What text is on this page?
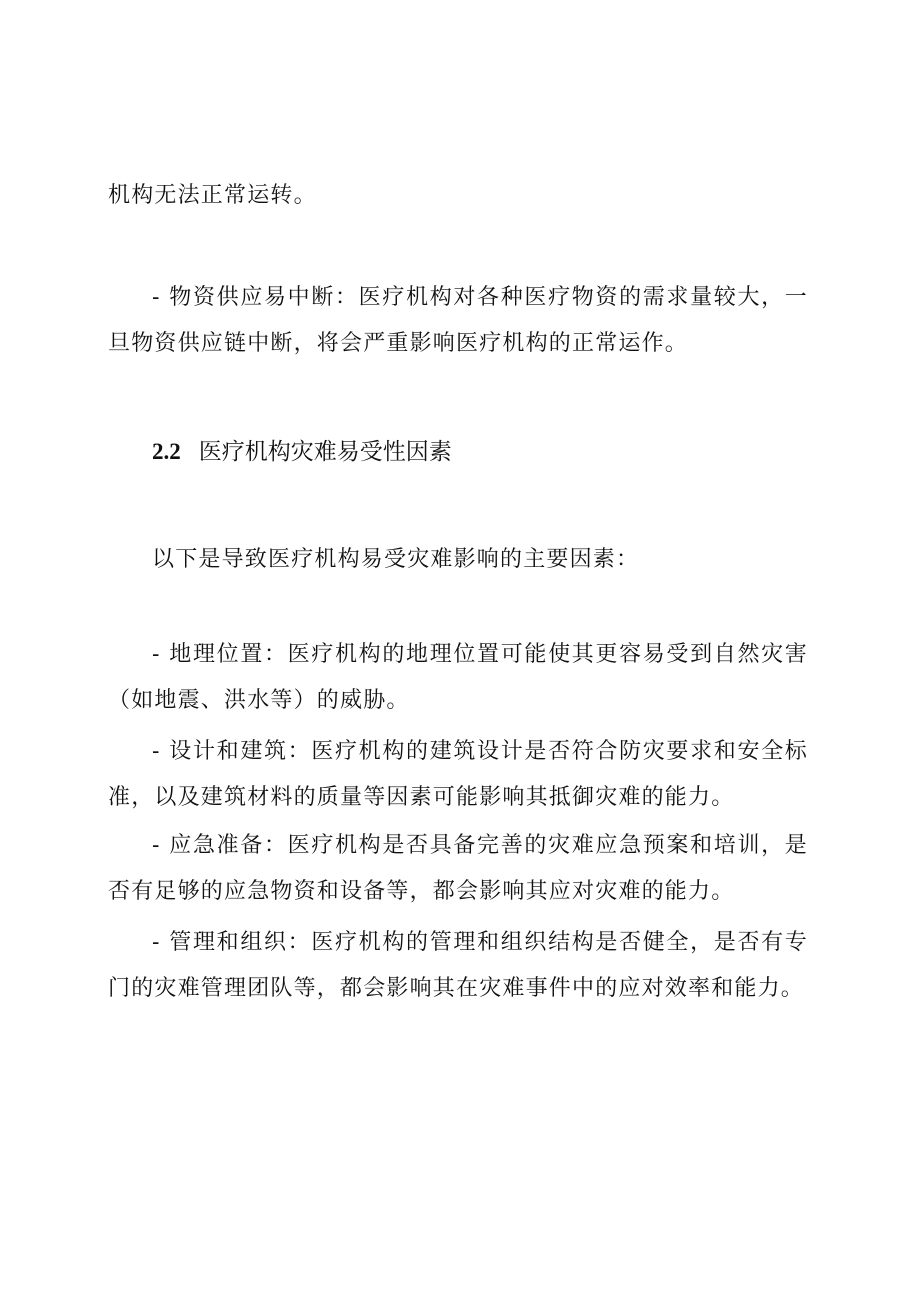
机构无法正常运转。
- 物资供应易中断：医疗机构对各种医疗物资的需求量较大，一
旦物资供应链中断，将会严重影响医疗机构的正常运作。
2.2 医疗机构灾难易受性因素
以下是导致医疗机构易受灾难影响的主要因素：
- 地理位置：医疗机构的地理位置可能使其更容易受到自然灾害
（如地震、洪水等）的威胁。
- 设计和建筑：医疗机构的建筑设计是否符合防灾要求和安全标
准，以及建筑材料的质量等因素可能影响其抵御灾难的能力。
- 应急准备：医疗机构是否具备完善的灾难应急预案和培训，是
否有足够的应急物资和设备等，都会影响其应对灾难的能力。
- 管理和组织：医疗机构的管理和组织结构是否健全，是否有专
门的灾难管理团队等，都会影响其在灾难事件中的应对效率和能力。
